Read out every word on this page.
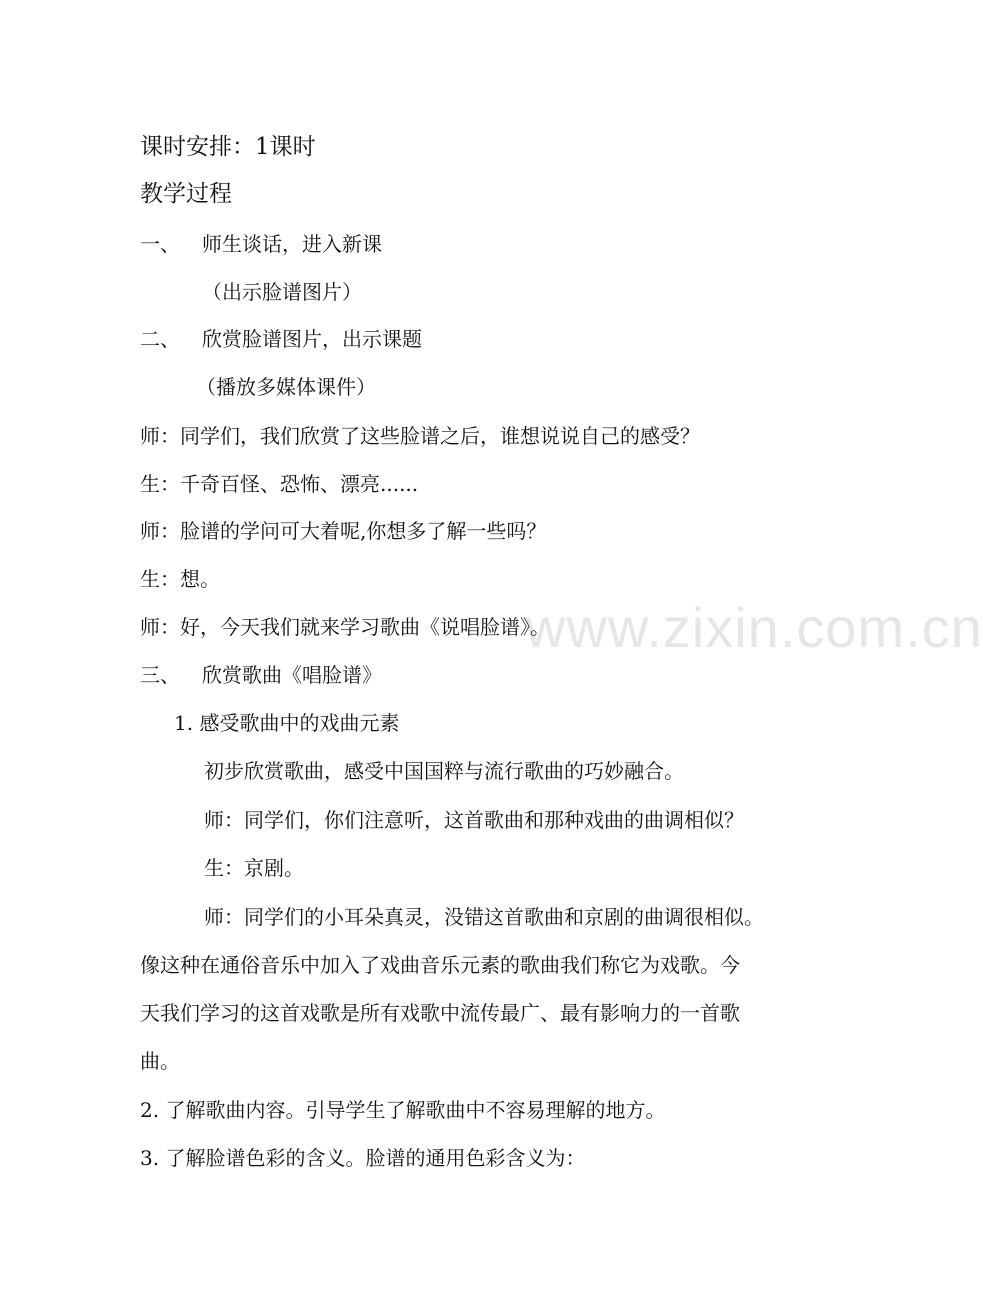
www.zixin.com.cn
课时安排：1课时
教学过程
一、 师生谈话，进入新课
（出示脸谱图片）
二、 欣赏脸谱图片，出示课题
（播放多媒体课件）
师：同学们，我们欣赏了这些脸谱之后，谁想说说自己的感受？
生：千奇百怪、恐怖、漂亮......
师：脸谱的学问可大着呢,你想多了解一些吗？
生：想。
师：好，今天我们就来学习歌曲《说唱脸谱》。
三、 欣赏歌曲《唱脸谱》
1. 感受歌曲中的戏曲元素
初步欣赏歌曲，感受中国国粹与流行歌曲的巧妙融合。
师：同学们，你们注意听，这首歌曲和那种戏曲的曲调相似？
生：京剧。
师：同学们的小耳朵真灵，没错这首歌曲和京剧的曲调很相似。
像这种在通俗音乐中加入了戏曲音乐元素的歌曲我们称它为戏歌。今
天我们学习的这首戏歌是所有戏歌中流传最广、最有影响力的一首歌
曲。
2. 了解歌曲内容。引导学生了解歌曲中不容易理解的地方。
3. 了解脸谱色彩的含义。脸谱的通用色彩含义为：
